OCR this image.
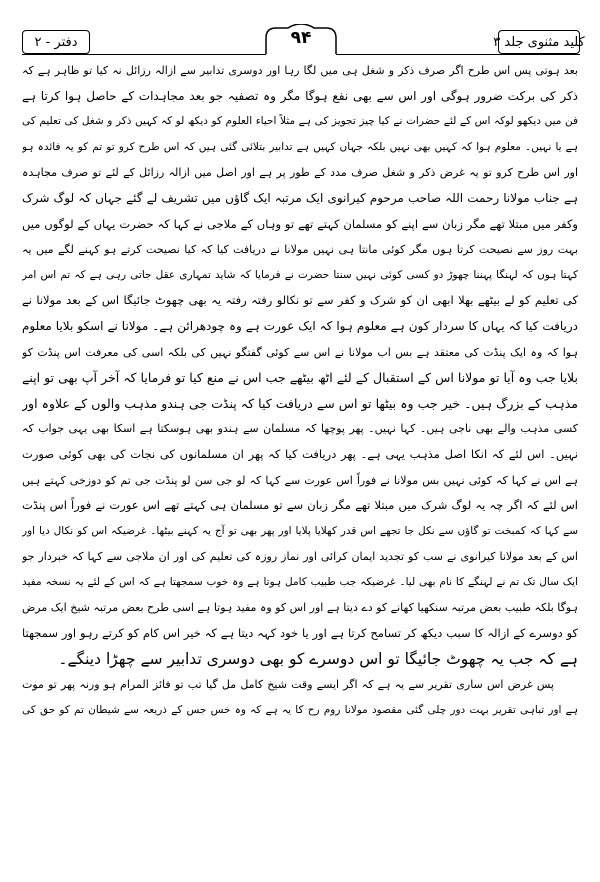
دفتر - ۲	۹۴	کلید مثنوی جلد ۳
بعد ہوتی پس اس طرح اگر صرف ذکر و شغل ہی میں لگا رہا اور دوسری تدابیر سے ازالہ رزائل نہ کیا تو ظاہر ہے کہ
ذکر کی برکت ضرور ہوگی اور اس سے بھی نفع ہوگا مگر وہ تصفیہ جو بعد مجاہدات کے حاصل ہوا کرتا ہے
فن میں دیکھو لوکہ اس کے لئے حضرات نے کیا چیز تجویز کی ہے مثلاً احیاء العلوم کو دیکھ لو کہ کہیں ذکر و شغل کی تعلیم کی
ہے یا نہیں۔ معلوم ہوا کہ کہیں بھی نہیں بلکہ جہاں کہیں ہے تدابیر بتلائی گئی ہیں کہ اس طرح کرو تو تم کو یہ فائدہ ہو
اور اس طرح کرو تو یہ غرض ذکر و شغل صرف مدد کے طور پر ہے اور اصل میں ازالہ رزائل کے لئے تو صرف مجاہدہ
ہے جناب مولانا رحمت اللہ صاحب مرحوم کیرانوی ایک مرتبہ ایک گاؤں میں تشریف لے گئے جہاں کہ لوگ شرک
وکفر میں مبتلا تھے مگر زبان سے اپنے کو مسلمان کہتے تھے تو وہاں کے ملاجی نے کہا کہ حضرت یہاں کے لوگوں میں
بہت روز سے نصیحت کرتا ہوں مگر کوئی مانتا ہی نہیں مولانا نے دریافت کیا کہ کیا نصیحت کرتے ہو کہنے لگے میں یہ
کہتا ہوں کہ لہنگا پہننا چھوڑ دو کسی کوئی نہیں سنتا حضرت نے فرمایا کہ شاید تمہاری عقل جاتی رہی ہے کہ تم اس امر
کی تعلیم کو لے بیٹھے بھلا ابھی ان کو شرک و کفر سے تو نکالو رفتہ رفتہ یہ بھی چھوٹ جائیگا اس کے بعد مولانا نے
دریافت کیا کہ یہاں کا سردار کون ہے معلوم ہوا کہ ایک عورت ہے وہ چودھرائن ہے۔ مولانا نے اسکو بلایا معلوم
ہوا کہ وہ ایک پنڈت کی معتقد ہے بس اب مولانا نے اس سے کوئی گفتگو نہیں کی بلکہ اسی کی معرفت اس پنڈت کو
بلایا جب وہ آیا تو مولانا اس کے استقبال کے لئے اٹھ بیٹھے جب اس نے منع کیا تو فرمایا کہ آخر آپ بھی تو اپنے
مذہب کے بزرگ ہیں۔ خیر جب وہ بیٹھا تو اس سے دریافت کیا کہ پنڈت جی ہندو مذہب والوں کے علاوہ اور
کسی مذہب والے بھی ناجی ہیں۔ کہا نہیں۔ پھر پوچھا کہ مسلمان سے ہندو بھی ہوسکتا ہے اسکا بھی یہی جواب کہ
نہیں۔ اس لئے کہ انکا اصل مذہب یہی ہے۔ پھر دریافت کیا کہ پھر ان مسلمانوں کی نجات کی بھی کوئی صورت
ہے اس نے کہا کہ کوئی نہیں بس مولانا نے فوراً اس عورت سے کہا کہ لو جی سن لو پنڈت جی تم کو دوزخی کہتے ہیں
اس لئے کہ اگر چہ یہ لوگ شرک میں مبتلا تھے مگر زبان سے تو مسلمان ہی کہتے تھے اس عورت نے فوراً اس پنڈت
سے کہا کہ کمبخت تو گاؤں سے نکل جا تجھے اس قدر کھلایا پلایا اور پھر بھی تو آج یہ کہنے بیٹھا۔ غرضیکہ اس کو نکال دیا اور
اس کے بعد مولانا کیرانوی نے سب کو تجدید ایمان کرائی اور نماز روزہ کی تعلیم کی اور ان ملاجی سے کہا کہ خبردار جو
ایک سال تک تم نے لہنگے کا نام بھی لیا۔ غرضیکہ جب طبیب کامل ہوتا ہے وہ خوب سمجھتا ہے کہ اس کے لئے یہ نسخہ مفید
ہوگا بلکہ طبیب بعض مرتبہ سنکھیا کھانے کو دے دیتا ہے اور اس کو وہ مفید ہوتا ہے اسی طرح بعض مرتبہ شیخ ایک مرض
کو دوسرے کے ازالہ کا سبب دیکھ کر تسامح کرتا ہے اور یا خود کہہ دیتا ہے کہ خیر اس کام کو کرتے رہو اور سمجھتا
ہے کہ جب یہ چھوٹ جائیگا تو اس دوسرے کو بھی دوسری تدابیر سے چھڑا دینگے۔
پس غرض اس ساری تقریر سے یہ ہے کہ اگر ایسے وقت شیخ کامل مل گیا تب تو فائز المرام ہو ورنہ پھر تو موت
ہے اور تباہی تقریر بہت دور چلی گئی مقصود مولانا روم رح کا یہ ہے کہ وہ خس جس کے ذریعہ سے شیطان تم کو حق کی
